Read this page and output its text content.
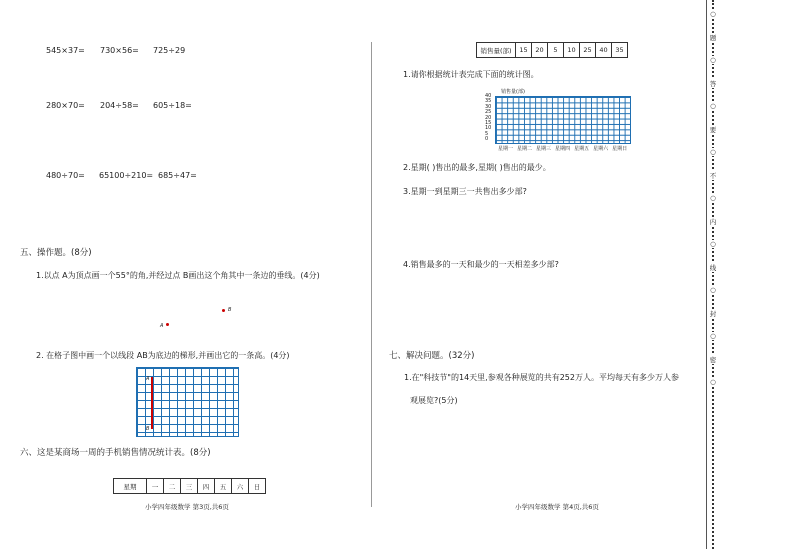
545×37= 730×56= 725÷29
280×70= 204÷58= 605÷18=
480÷70= 65100÷210= 685÷47=
五、操作题。(8分)
1.以点 A为顶点画一个55°的角,并经过点 B画出这个角其中一条边的垂线。(4分)
B
A
2. 在格子图中画一个以线段 AB为底边的梯形,并画出它的一条高。(4分)
A
B
六、这是某商场一周的手机销售情况统计表。(8分)
星期	一	二	三	四	五	六	日
小学四年级数学 第3页,共6页
销售量(部)	15	20	5	10	25	40	35
1.请你根据统计表完成下面的统计图。
销售量(部)
40
35
30
25
20
15
10
5
0
星期一 星期二 星期三 星期四 星期五 星期六 星期日
2.星期( )售出的最多,星期( )售出的最少。
3.星期一到星期三一共售出多少部?
4.销售最多的一天和最少的一天相差多少部?
七、解决问题。(32分)
1.在"科技节"的14天里,参观各种展览的共有252万人。平均每天有多少万人参
观展览?(5分)
小学四年级数学 第4页,共6页
○
题
○
答
○
要
○
不
○
内
○
线
○
封
○
密
○
